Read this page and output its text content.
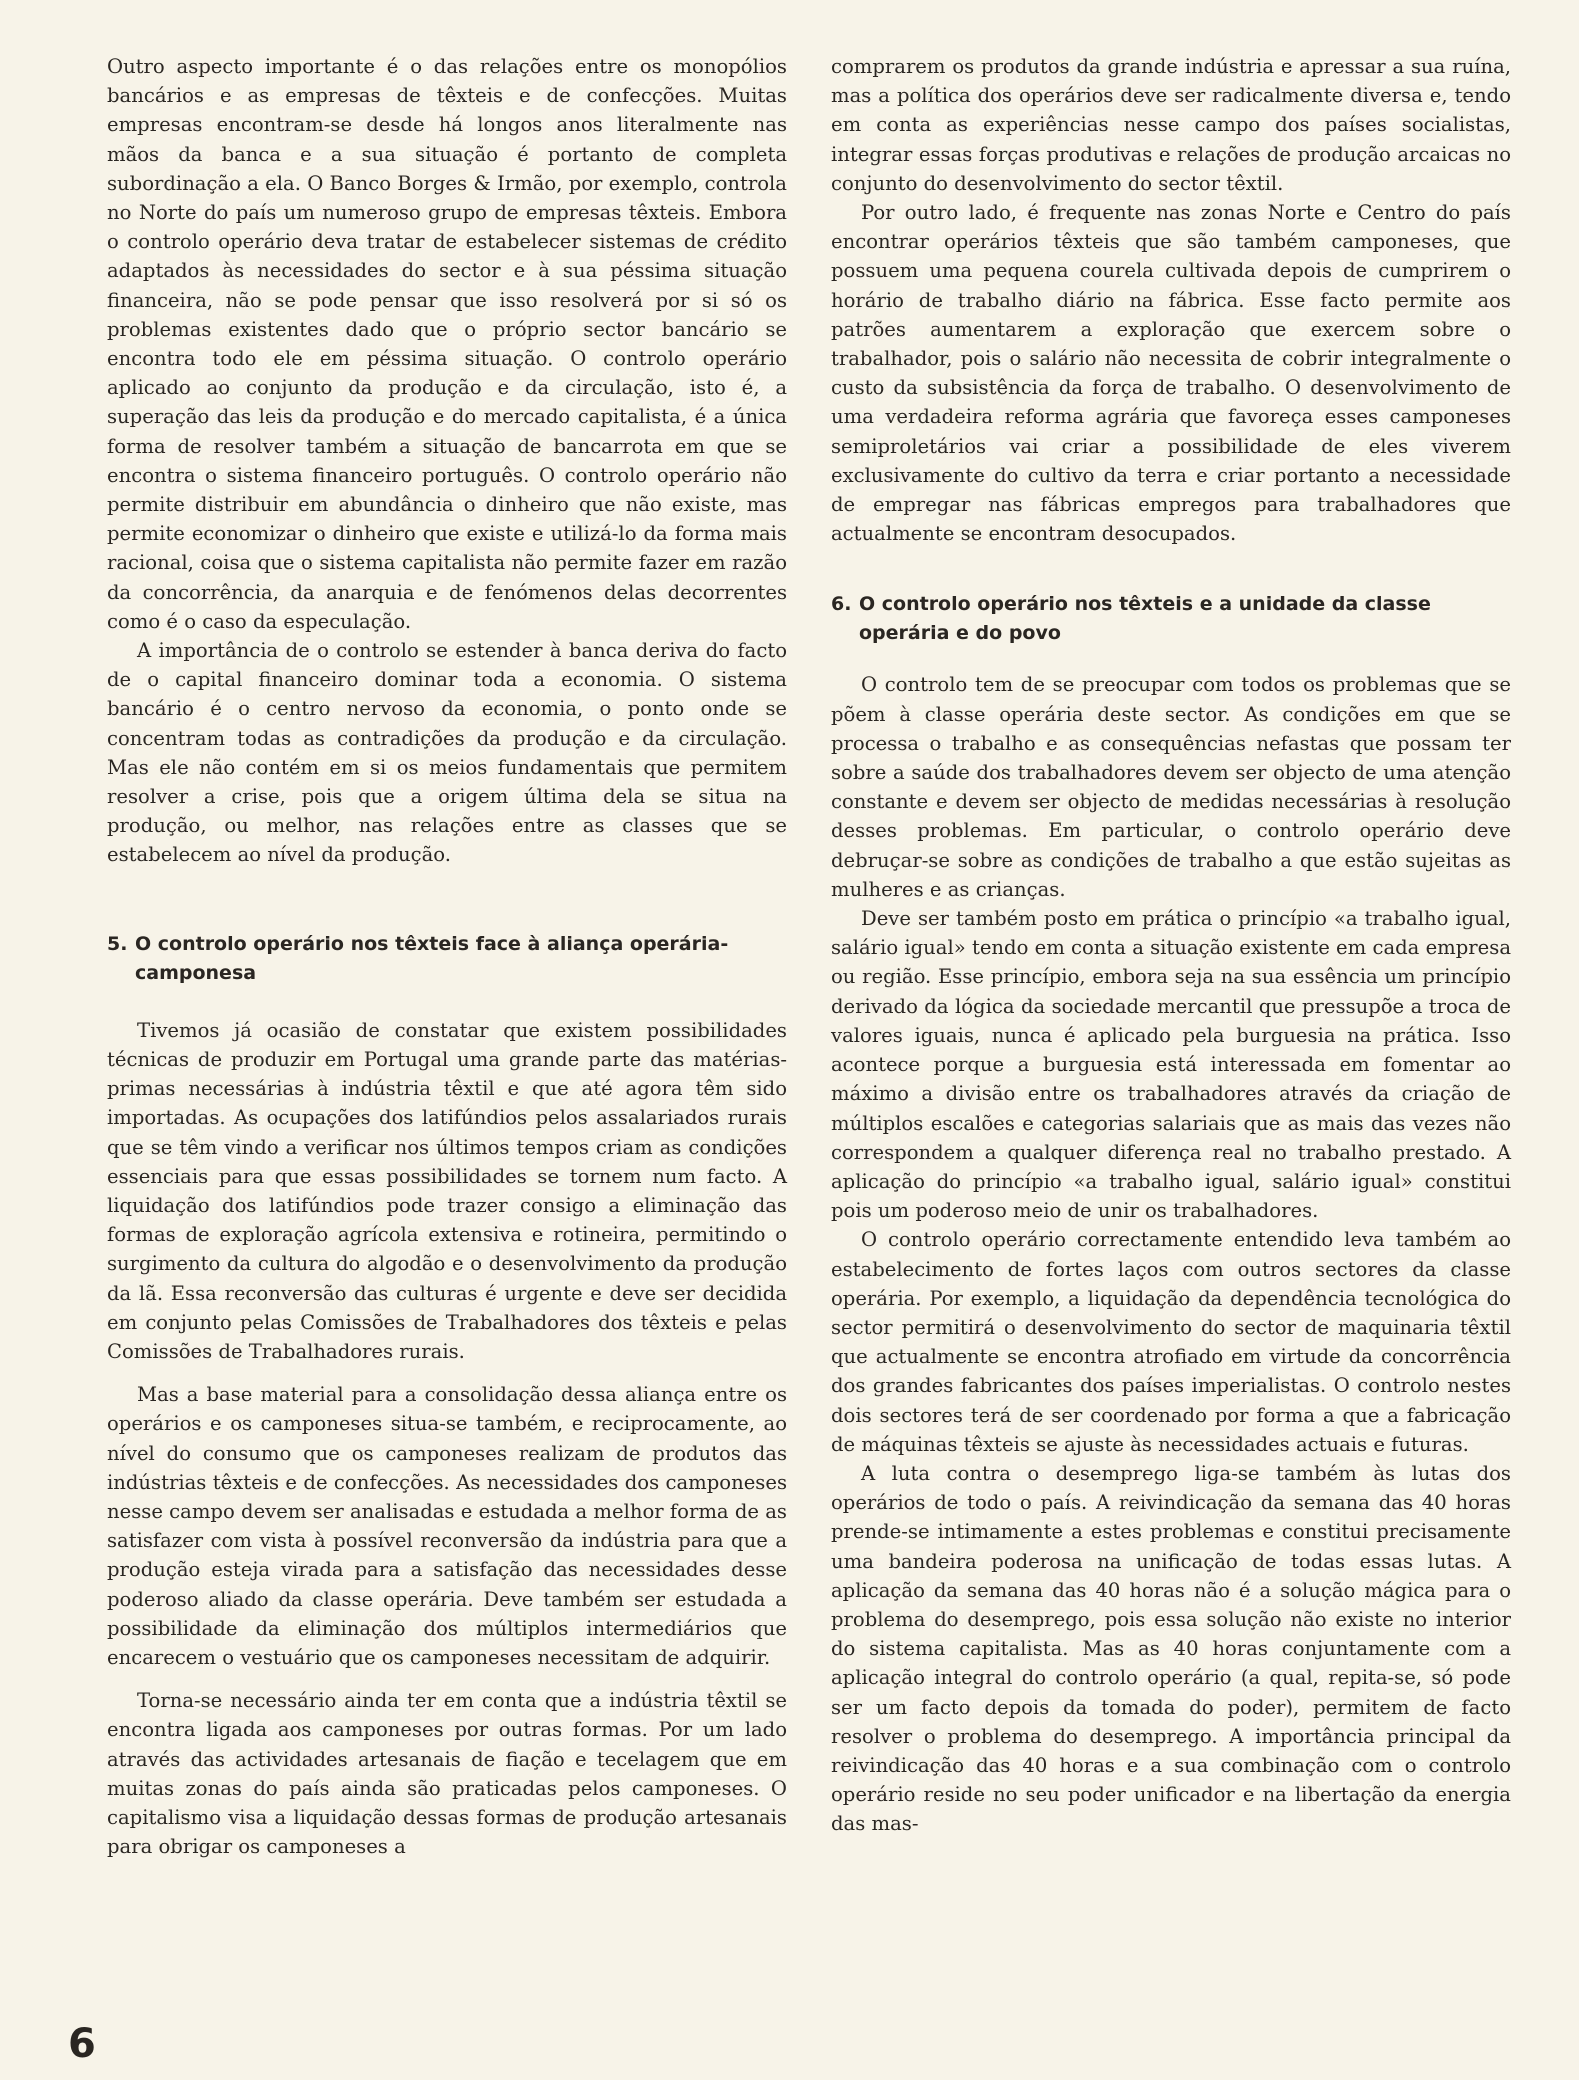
Outro aspecto importante é o das relações entre os monopólios bancários e as empresas de têxteis e de confecções. Muitas empresas encontram-se desde há longos anos literalmente nas mãos da banca e a sua situação é portanto de completa subordinação a ela. O Banco Borges & Irmão, por exemplo, controla no Norte do país um numeroso grupo de empresas têxteis. Embora o controlo operário deva tratar de estabelecer sistemas de crédito adaptados às necessidades do sector e à sua péssima situação financeira, não se pode pensar que isso resolverá por si só os problemas existentes dado que o próprio sector bancário se encontra todo ele em péssima situação. O controlo operário aplicado ao conjunto da produção e da circulação, isto é, a superação das leis da produção e do mercado capitalista, é a única forma de resolver também a situação de bancarrota em que se encontra o sistema financeiro português. O controlo operário não permite distribuir em abundância o dinheiro que não existe, mas permite economizar o dinheiro que existe e utilizá-lo da forma mais racional, coisa que o sistema capitalista não permite fazer em razão da concorrência, da anarquia e de fenómenos delas decorrentes como é o caso da especulação.

A importância de o controlo se estender à banca deriva do facto de o capital financeiro dominar toda a economia. O sistema bancário é o centro nervoso da economia, o ponto onde se concentram todas as contradições da produção e da circulação. Mas ele não contém em si os meios fundamentais que permitem resolver a crise, pois que a origem última dela se situa na produção, ou melhor, nas relações entre as classes que se estabelecem ao nível da produção.

5. O controlo operário nos têxteis face à aliança operária-camponesa

Tivemos já ocasião de constatar que existem possibilidades técnicas de produzir em Portugal uma grande parte das matérias-primas necessárias à indústria têxtil e que até agora têm sido importadas. As ocupações dos latifúndios pelos assalariados rurais que se têm vindo a verificar nos últimos tempos criam as condições essenciais para que essas possibilidades se tornem num facto. A liquidação dos latifúndios pode trazer consigo a eliminação das formas de exploração agrícola extensiva e rotineira, permitindo o surgimento da cultura do algodão e o desenvolvimento da produção da lã. Essa reconversão das culturas é urgente e deve ser decidida em conjunto pelas Comissões de Trabalhadores dos têxteis e pelas Comissões de Trabalhadores rurais.

Mas a base material para a consolidação dessa aliança entre os operários e os camponeses situa-se também, e reciprocamente, ao nível do consumo que os camponeses realizam de produtos das indústrias têxteis e de confecções. As necessidades dos camponeses nesse campo devem ser analisadas e estudada a melhor forma de as satisfazer com vista à possível reconversão da indústria para que a produção esteja virada para a satisfação das necessidades desse poderoso aliado da classe operária. Deve também ser estudada a possibilidade da eliminação dos múltiplos intermediários que encarecem o vestuário que os camponeses necessitam de adquirir.

Torna-se necessário ainda ter em conta que a indústria têxtil se encontra ligada aos camponeses por outras formas. Por um lado através das actividades artesanais de fiação e tecelagem que em muitas zonas do país ainda são praticadas pelos camponeses. O capitalismo visa a liquidação dessas formas de produção artesanais para obrigar os camponeses a

comprarem os produtos da grande indústria e apressar a sua ruína, mas a política dos operários deve ser radicalmente diversa e, tendo em conta as experiências nesse campo dos países socialistas, integrar essas forças produtivas e relações de produção arcaicas no conjunto do desenvolvimento do sector têxtil.

Por outro lado, é frequente nas zonas Norte e Centro do país encontrar operários têxteis que são também camponeses, que possuem uma pequena courela cultivada depois de cumprirem o horário de trabalho diário na fábrica. Esse facto permite aos patrões aumentarem a exploração que exercem sobre o trabalhador, pois o salário não necessita de cobrir integralmente o custo da subsistência da força de trabalho. O desenvolvimento de uma verdadeira reforma agrária que favoreça esses camponeses semiproletários vai criar a possibilidade de eles viverem exclusivamente do cultivo da terra e criar portanto a necessidade de empregar nas fábricas empregos para trabalhadores que actualmente se encontram desocupados.

6. O controlo operário nos têxteis e a unidade da classe operária e do povo

O controlo tem de se preocupar com todos os problemas que se põem à classe operária deste sector. As condições em que se processa o trabalho e as consequências nefastas que possam ter sobre a saúde dos trabalhadores devem ser objecto de uma atenção constante e devem ser objecto de medidas necessárias à resolução desses problemas. Em particular, o controlo operário deve debruçar-se sobre as condições de trabalho a que estão sujeitas as mulheres e as crianças.

Deve ser também posto em prática o princípio «a trabalho igual, salário igual» tendo em conta a situação existente em cada empresa ou região. Esse princípio, embora seja na sua essência um princípio derivado da lógica da sociedade mercantil que pressupõe a troca de valores iguais, nunca é aplicado pela burguesia na prática. Isso acontece porque a burguesia está interessada em fomentar ao máximo a divisão entre os trabalhadores através da criação de múltiplos escalões e categorias salariais que as mais das vezes não correspondem a qualquer diferença real no trabalho prestado. A aplicação do princípio «a trabalho igual, salário igual» constitui pois um poderoso meio de unir os trabalhadores.

O controlo operário correctamente entendido leva também ao estabelecimento de fortes laços com outros sectores da classe operária. Por exemplo, a liquidação da dependência tecnológica do sector permitirá o desenvolvimento do sector de maquinaria têxtil que actualmente se encontra atrofiado em virtude da concorrência dos grandes fabricantes dos países imperialistas. O controlo nestes dois sectores terá de ser coordenado por forma a que a fabricação de máquinas têxteis se ajuste às necessidades actuais e futuras.

A luta contra o desemprego liga-se também às lutas dos operários de todo o país. A reivindicação da semana das 40 horas prende-se intimamente a estes problemas e constitui precisamente uma bandeira poderosa na unificação de todas essas lutas. A aplicação da semana das 40 horas não é a solução mágica para o problema do desemprego, pois essa solução não existe no interior do sistema capitalista. Mas as 40 horas conjuntamente com a aplicação integral do controlo operário (a qual, repita-se, só pode ser um facto depois da tomada do poder), permitem de facto resolver o problema do desemprego. A importância principal da reivindicação das 40 horas e a sua combinação com o controlo operário reside no seu poder unificador e na libertação da energia das mas-

6
